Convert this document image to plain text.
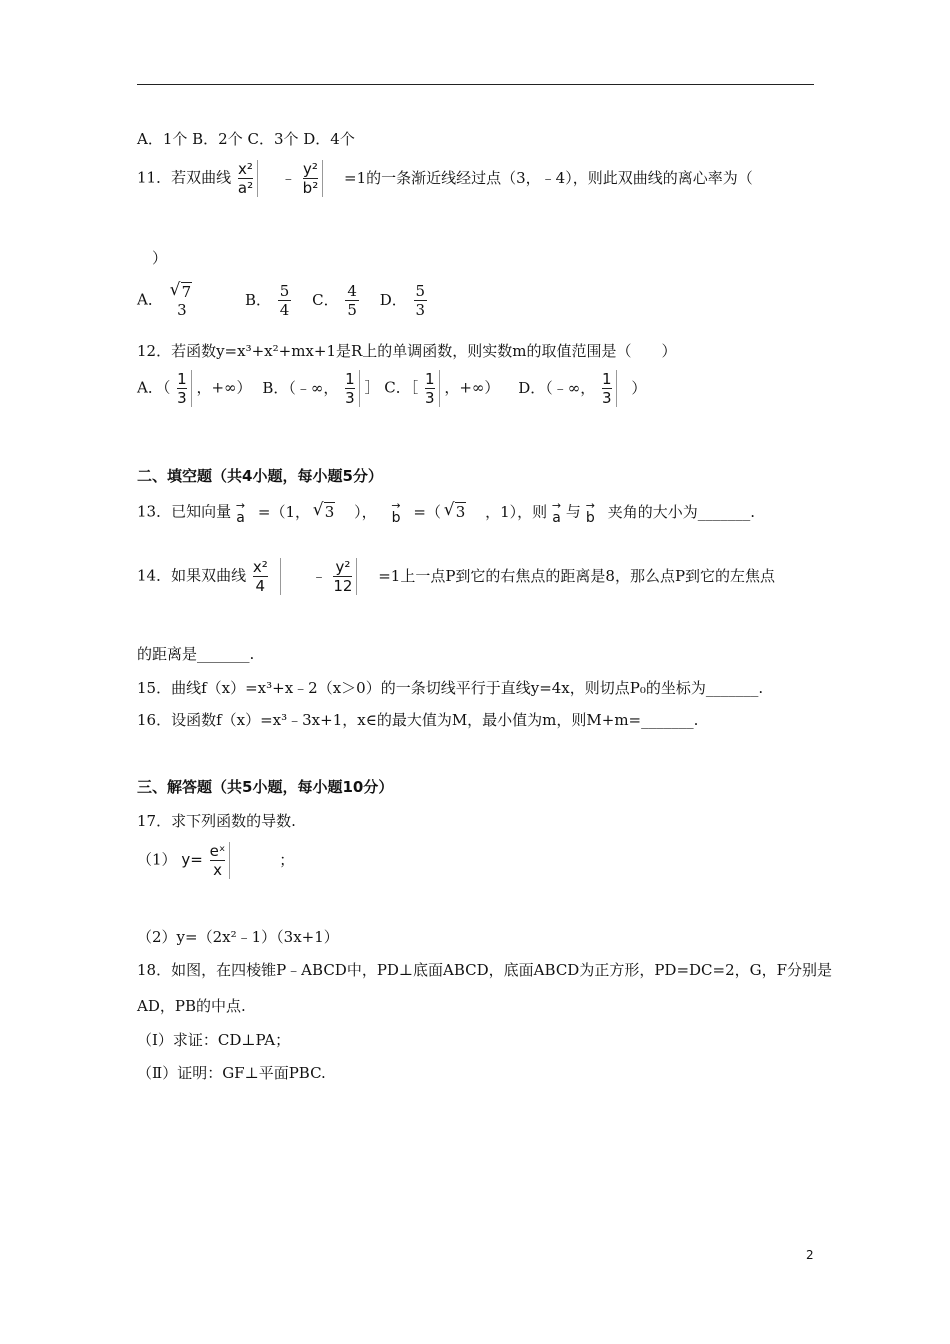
A．1个 B．2个 C．3个 D．4个
11．若双曲线 $\frac{\text{x²}}{\text{a²}}$ ﹣ $\frac{\text{y²}}{\text{b²}} =1$的一条渐近线经过点（3，﹣4），则此双曲线的离心率为（
）
A．	√ 7
3
B． $\frac{5}{4}$ C． $\frac{4}{5}$ D． $\frac{5}{3}$
12．若函数y=x³+x²+mx+1是R上的单调函数，则实数m的取值范围是（　　）
A．（ $\frac{1}{3}$ ，+∞） B．（﹣∞， $\frac{1}{3}$ ］ C．［ $\frac{1}{3}$ ，+∞） D．（﹣∞， $\frac{1}{3}$ ）
二、填空题（共4小题，每小题5分）
13．已知向量 →
a =（1， √ 3 ）， →
b =（ √ 3 ，1），则 →
a 与 →
b 夹角的大小为_______.
14．如果双曲线 $\frac{\text{x²}}{4}$ ﹣ $\frac{\text{y²}}{12} =1$上一点P到它的右焦点的距离是8，那么点P到它的左焦点
的距离是_______.
15．曲线f（x）=x³+x﹣2（x＞0）的一条切线平行于直线y=4x，则切点P₀的坐标为_______.
16．设函数f（x）=x³﹣3x+1，x∈的最大值为M，最小值为m，则M+m=_______.
三、解答题（共5小题，每小题10分）
17．求下列函数的导数.
（1） $y= \frac{\text{eˣ}}{x}$	；
（2）y=（2x²﹣1）（3x+1）
18．如图，在四棱锥P﹣ABCD中，PD⊥底面ABCD，底面ABCD为正方形，PD=DC=2，G，F分别是
AD，PB的中点.
（Ⅰ）求证：CD⊥PA；
（Ⅱ）证明：GF⊥平面PBC.
2
